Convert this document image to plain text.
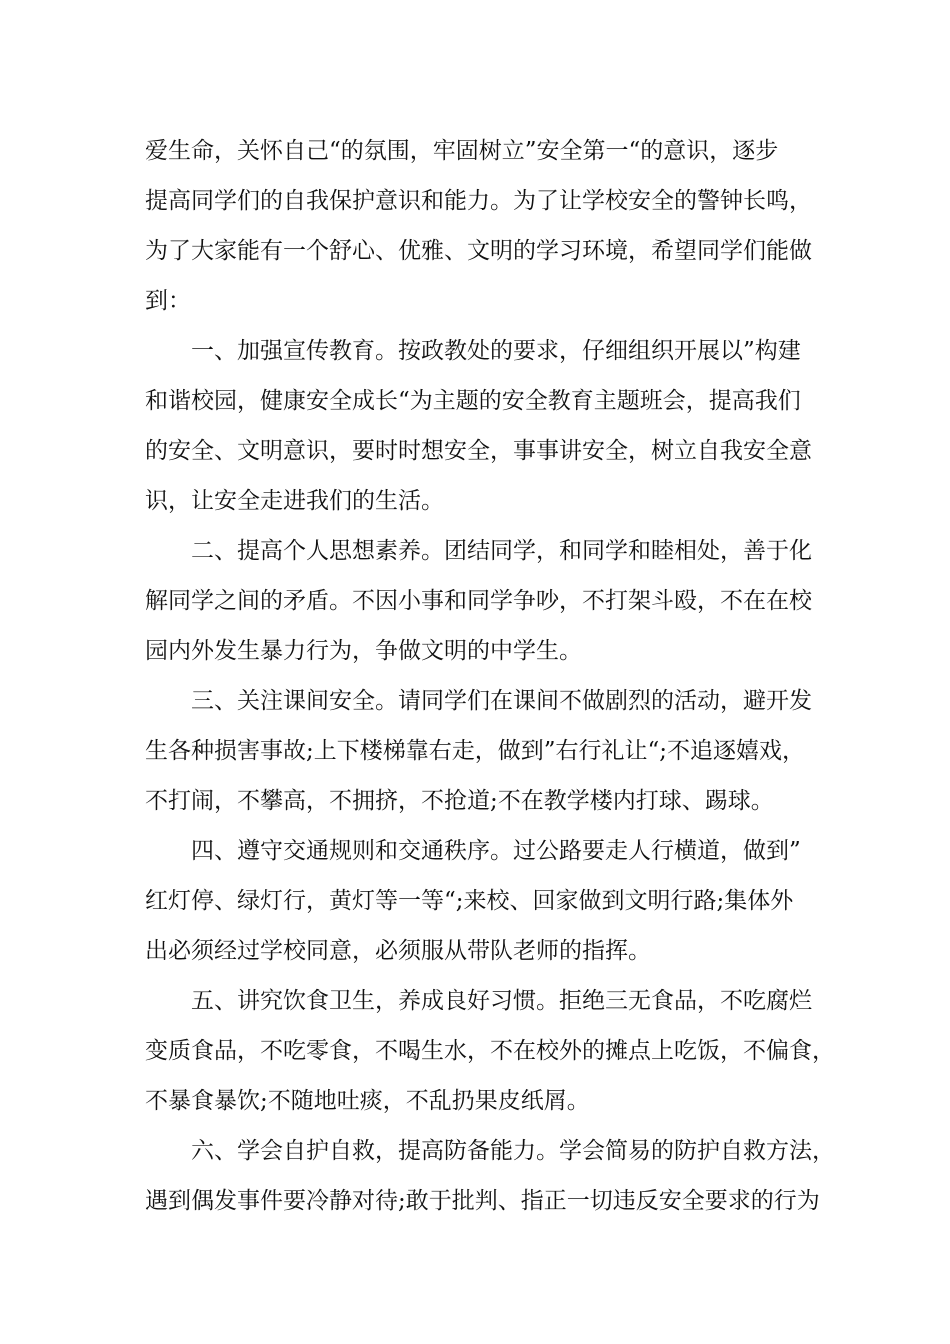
爱生命，关怀自己“的氛围，牢固树立”安全第一“的意识，逐步
提高同学们的自我保护意识和能力。为了让学校安全的警钟长鸣，
为了大家能有一个舒心、优雅、文明的学习环境，希望同学们能做
到：
一、加强宣传教育。按政教处的要求，仔细组织开展以”构建
和谐校园，健康安全成长“为主题的安全教育主题班会，提高我们
的安全、文明意识，要时时想安全，事事讲安全，树立自我安全意
识，让安全走进我们的生活。
二、提高个人思想素养。团结同学，和同学和睦相处，善于化
解同学之间的矛盾。不因小事和同学争吵，不打架斗殴，不在在校
园内外发生暴力行为，争做文明的中学生。
三、关注课间安全。请同学们在课间不做剧烈的活动，避开发
生各种损害事故;上下楼梯靠右走，做到”右行礼让“;不追逐嬉戏，
不打闹，不攀高，不拥挤，不抢道;不在教学楼内打球、踢球。
四、遵守交通规则和交通秩序。过公路要走人行横道，做到”
红灯停、绿灯行，黄灯等一等“;来校、回家做到文明行路;集体外
出必须经过学校同意，必须服从带队老师的指挥。
五、讲究饮食卫生，养成良好习惯。拒绝三无食品，不吃腐烂
变质食品，不吃零食，不喝生水，不在校外的摊点上吃饭，不偏食，
不暴食暴饮;不随地吐痰，不乱扔果皮纸屑。
六、学会自护自救，提高防备能力。学会简易的防护自救方法，
遇到偶发事件要冷静对待;敢于批判、指正一切违反安全要求的行为
